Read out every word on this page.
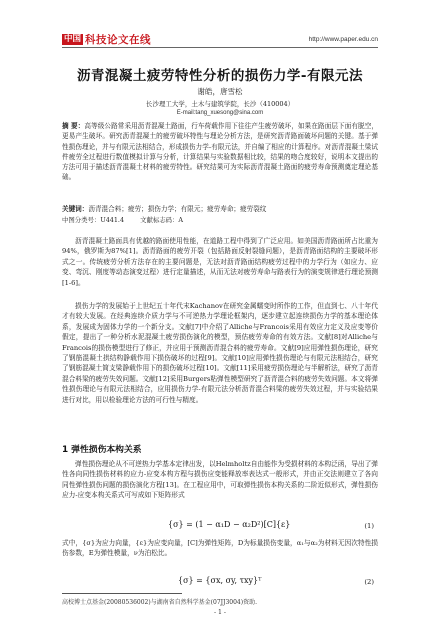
中国 科技论文在线	http://www.paper.edu.cn
沥青混凝土疲劳特性分析的损伤力学-有限元法
谢皓，唐雪松
长沙理工大学，土木与建筑学院，长沙（410004）
E-mail:tang_xuesong@sina.com
摘 要：高等级公路常采用沥青混凝土路面，行车荷载作用下往往产生疲劳破坏，如果在路面层下面有脱空，更易产生破坏。研究沥青混凝土的疲劳破坏特性与理论分析方法，是研究沥青路面破坏问题的关键。基于弹性损伤理论，并与有限元法相结合，形成损伤力学-有限元法，并自编了相应的计算程序。对沥青混凝土梁试件疲劳全过程进行数值模拟计算与分析，计算结果与实验数据相比较，结果的吻合度较好，说明本文提出的方法可用于描述沥青混凝土材料的疲劳特性。研究结果可为实际沥青混凝土路面的疲劳寿命预测奠定理论基础。
关键词：沥青混合料；疲劳；损伤力学；有限元；疲劳寿命；疲劳裂纹
中图分类号：U441.4	文献标志码：A
沥青混凝土路面具有优越的路面使用性能，在道路工程中得到了广泛应用。如美国沥青路面所占比重为94%，俄罗斯为87%[1]。沥青路面的疲劳开裂（包括路面反射裂缝问题），是沥青路面结构的主要破坏形式之一。传统疲劳分析方法存在的主要问题是，无法对沥青路面结构疲劳过程中的力学行为（如应力、应变、弯沉、刚度等动态演变过程）进行定量描述，从而无法对疲劳寿命与路表行为的演变规律进行理论预测[1-6]。
损伤力学的发展始于上世纪五十年代末Kachanov在研究金属蠕变时所作的工作，但直到七、八十年代才有较大发展。在经典连续介质力学与不可逆热力学理论框架内，逐步建立起连续损伤力学的基本理论体系，发展成为固体力学的一个新分支。文献[7]中介绍了Alliche与Francois采用有效应力定义及应变等价假定，提出了一种分析水泥混凝土疲劳损伤演化的模型，预估疲劳寿命的有效方法。文献[8]对Alliche与Francois的损伤模型进行了修正，并应用于预测沥青混合料的疲劳寿命。文献[9]应用弹性损伤理论，研究了钢筋混凝土拱结构静载作用下损伤破坏的过程[9]。文献[10]应用弹性损伤理论与有限元法相结合，研究了钢筋混凝土简支梁静载作用下的损伤破坏过程[10]。文献[11]采用疲劳损伤理论与半解析法，研究了沥青混合料梁的疲劳失效问题。文献[12]采用Burgers粘弹性模型研究了沥青混合料的疲劳失效问题。本文将弹性损伤理论与有限元法相结合，应用损伤力学-有限元法分析沥青混合料梁的疲劳失效过程，并与实验结果进行对比，用以检验理论方法的可行性与精度。
1 弹性损伤本构关系
弹性损伤理论从不可逆热力学基本定律出发，以Helmholtz自由能作为受损材料的本构泛函，导出了弹性各向同性损伤材料的应力-应变本构方程与损伤应变能释放率表达式一般形式，并由正交法则建立了各向同性弹性损伤问题的损伤演化方程[13]。在工程应用中，可取弹性损伤本构关系的二阶近似形式，弹性损伤应力-应变本构关系式可写成如下矩阵形式
{σ} = (1 − α₁D − α₂D²)[C]{ε}	(1)
式中，{σ}为应力向量，{ε}为应变向量，[C]为弹性矩阵，D为标量损伤变量，α₁与α₂为材料无因次特性损伤参数，E为弹性模量，ν为泊松比。
{σ} = {σx, σy, τxy}ᵀ	(2)
高校博士点基金(20080536002)与湖南省自然科学基金(07JJ3004)资助.
- 1 -
